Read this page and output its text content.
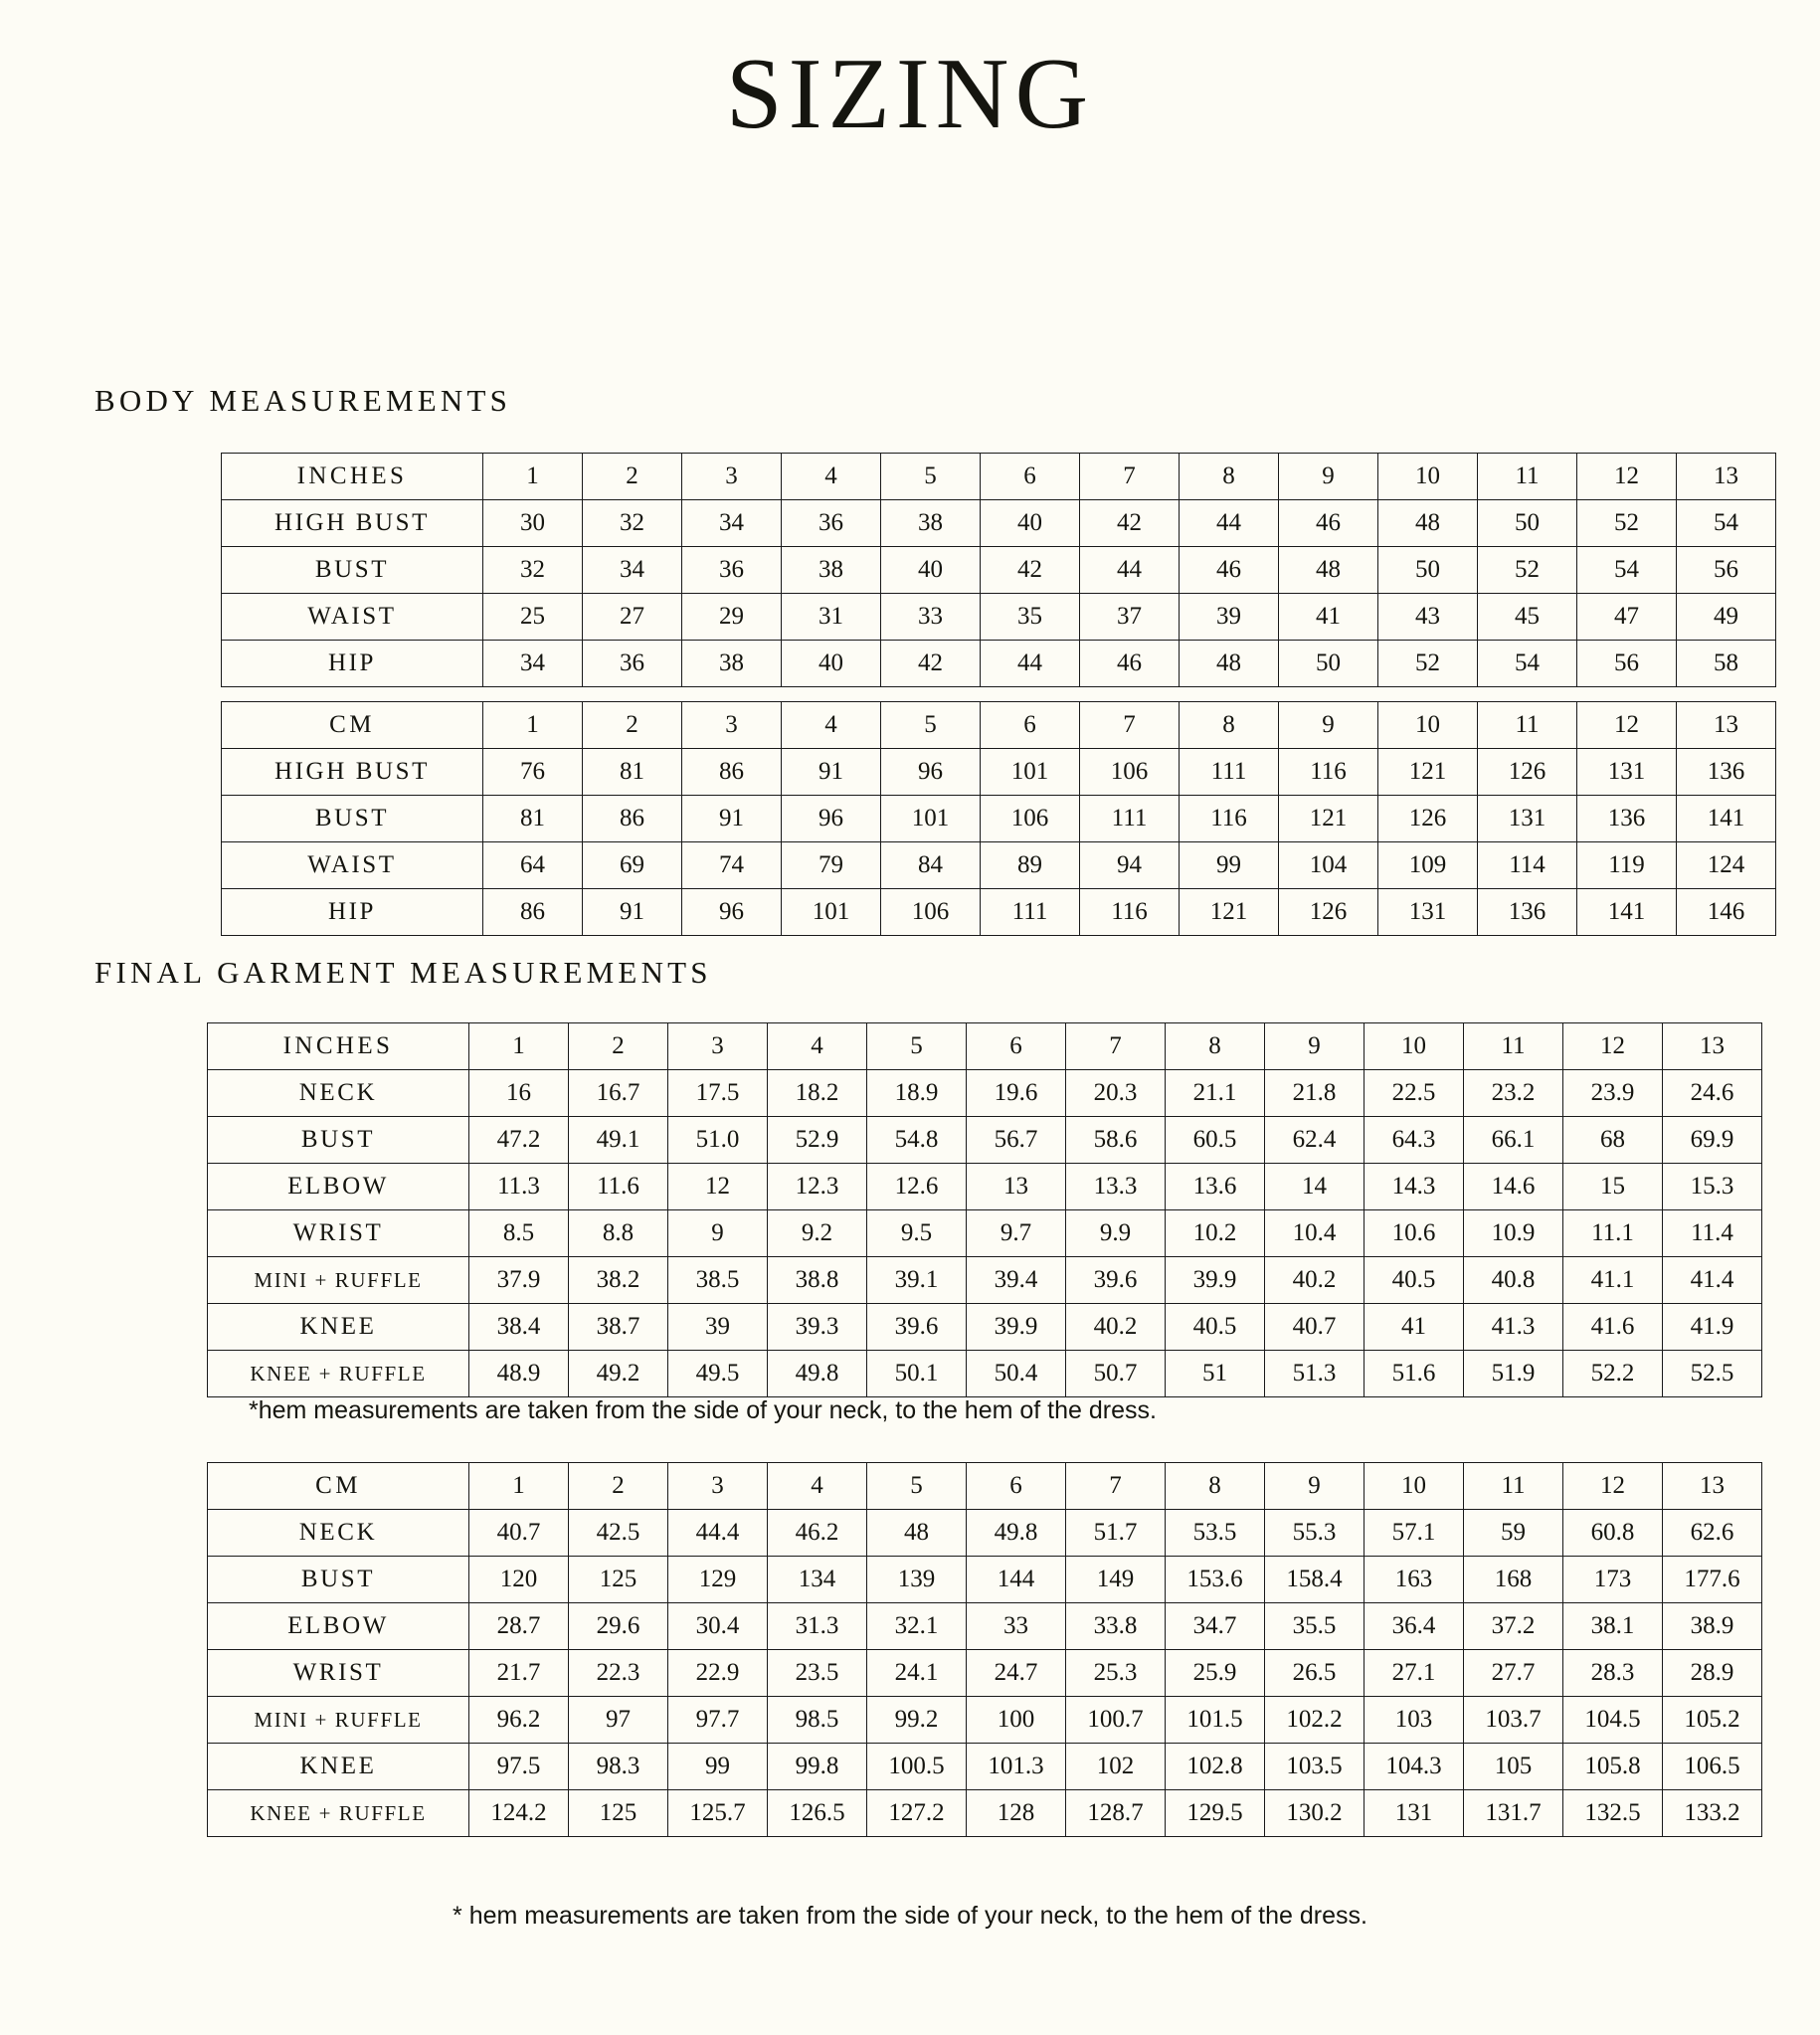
SIZING
BODY MEASUREMENTS
INCHES	1	2	3	4	5	6	7	8	9	10	11	12	13
HIGH BUST	30	32	34	36	38	40	42	44	46	48	50	52	54
BUST	32	34	36	38	40	42	44	46	48	50	52	54	56
WAIST	25	27	29	31	33	35	37	39	41	43	45	47	49
HIP	34	36	38	40	42	44	46	48	50	52	54	56	58
CM	1	2	3	4	5	6	7	8	9	10	11	12	13
HIGH BUST	76	81	86	91	96	101	106	111	116	121	126	131	136
BUST	81	86	91	96	101	106	111	116	121	126	131	136	141
WAIST	64	69	74	79	84	89	94	99	104	109	114	119	124
HIP	86	91	96	101	106	111	116	121	126	131	136	141	146
FINAL GARMENT MEASUREMENTS
INCHES	1	2	3	4	5	6	7	8	9	10	11	12	13
NECK	16	16.7	17.5	18.2	18.9	19.6	20.3	21.1	21.8	22.5	23.2	23.9	24.6
BUST	47.2	49.1	51.0	52.9	54.8	56.7	58.6	60.5	62.4	64.3	66.1	68	69.9
ELBOW	11.3	11.6	12	12.3	12.6	13	13.3	13.6	14	14.3	14.6	15	15.3
WRIST	8.5	8.8	9	9.2	9.5	9.7	9.9	10.2	10.4	10.6	10.9	11.1	11.4
MINI + RUFFLE	37.9	38.2	38.5	38.8	39.1	39.4	39.6	39.9	40.2	40.5	40.8	41.1	41.4
KNEE	38.4	38.7	39	39.3	39.6	39.9	40.2	40.5	40.7	41	41.3	41.6	41.9
KNEE + RUFFLE	48.9	49.2	49.5	49.8	50.1	50.4	50.7	51	51.3	51.6	51.9	52.2	52.5
*hem measurements are taken from the side of your neck, to the hem of the dress.
CM	1	2	3	4	5	6	7	8	9	10	11	12	13
NECK	40.7	42.5	44.4	46.2	48	49.8	51.7	53.5	55.3	57.1	59	60.8	62.6
BUST	120	125	129	134	139	144	149	153.6	158.4	163	168	173	177.6
ELBOW	28.7	29.6	30.4	31.3	32.1	33	33.8	34.7	35.5	36.4	37.2	38.1	38.9
WRIST	21.7	22.3	22.9	23.5	24.1	24.7	25.3	25.9	26.5	27.1	27.7	28.3	28.9
MINI + RUFFLE	96.2	97	97.7	98.5	99.2	100	100.7	101.5	102.2	103	103.7	104.5	105.2
KNEE	97.5	98.3	99	99.8	100.5	101.3	102	102.8	103.5	104.3	105	105.8	106.5
KNEE + RUFFLE	124.2	125	125.7	126.5	127.2	128	128.7	129.5	130.2	131	131.7	132.5	133.2
* hem measurements are taken from the side of your neck, to the hem of the dress.
